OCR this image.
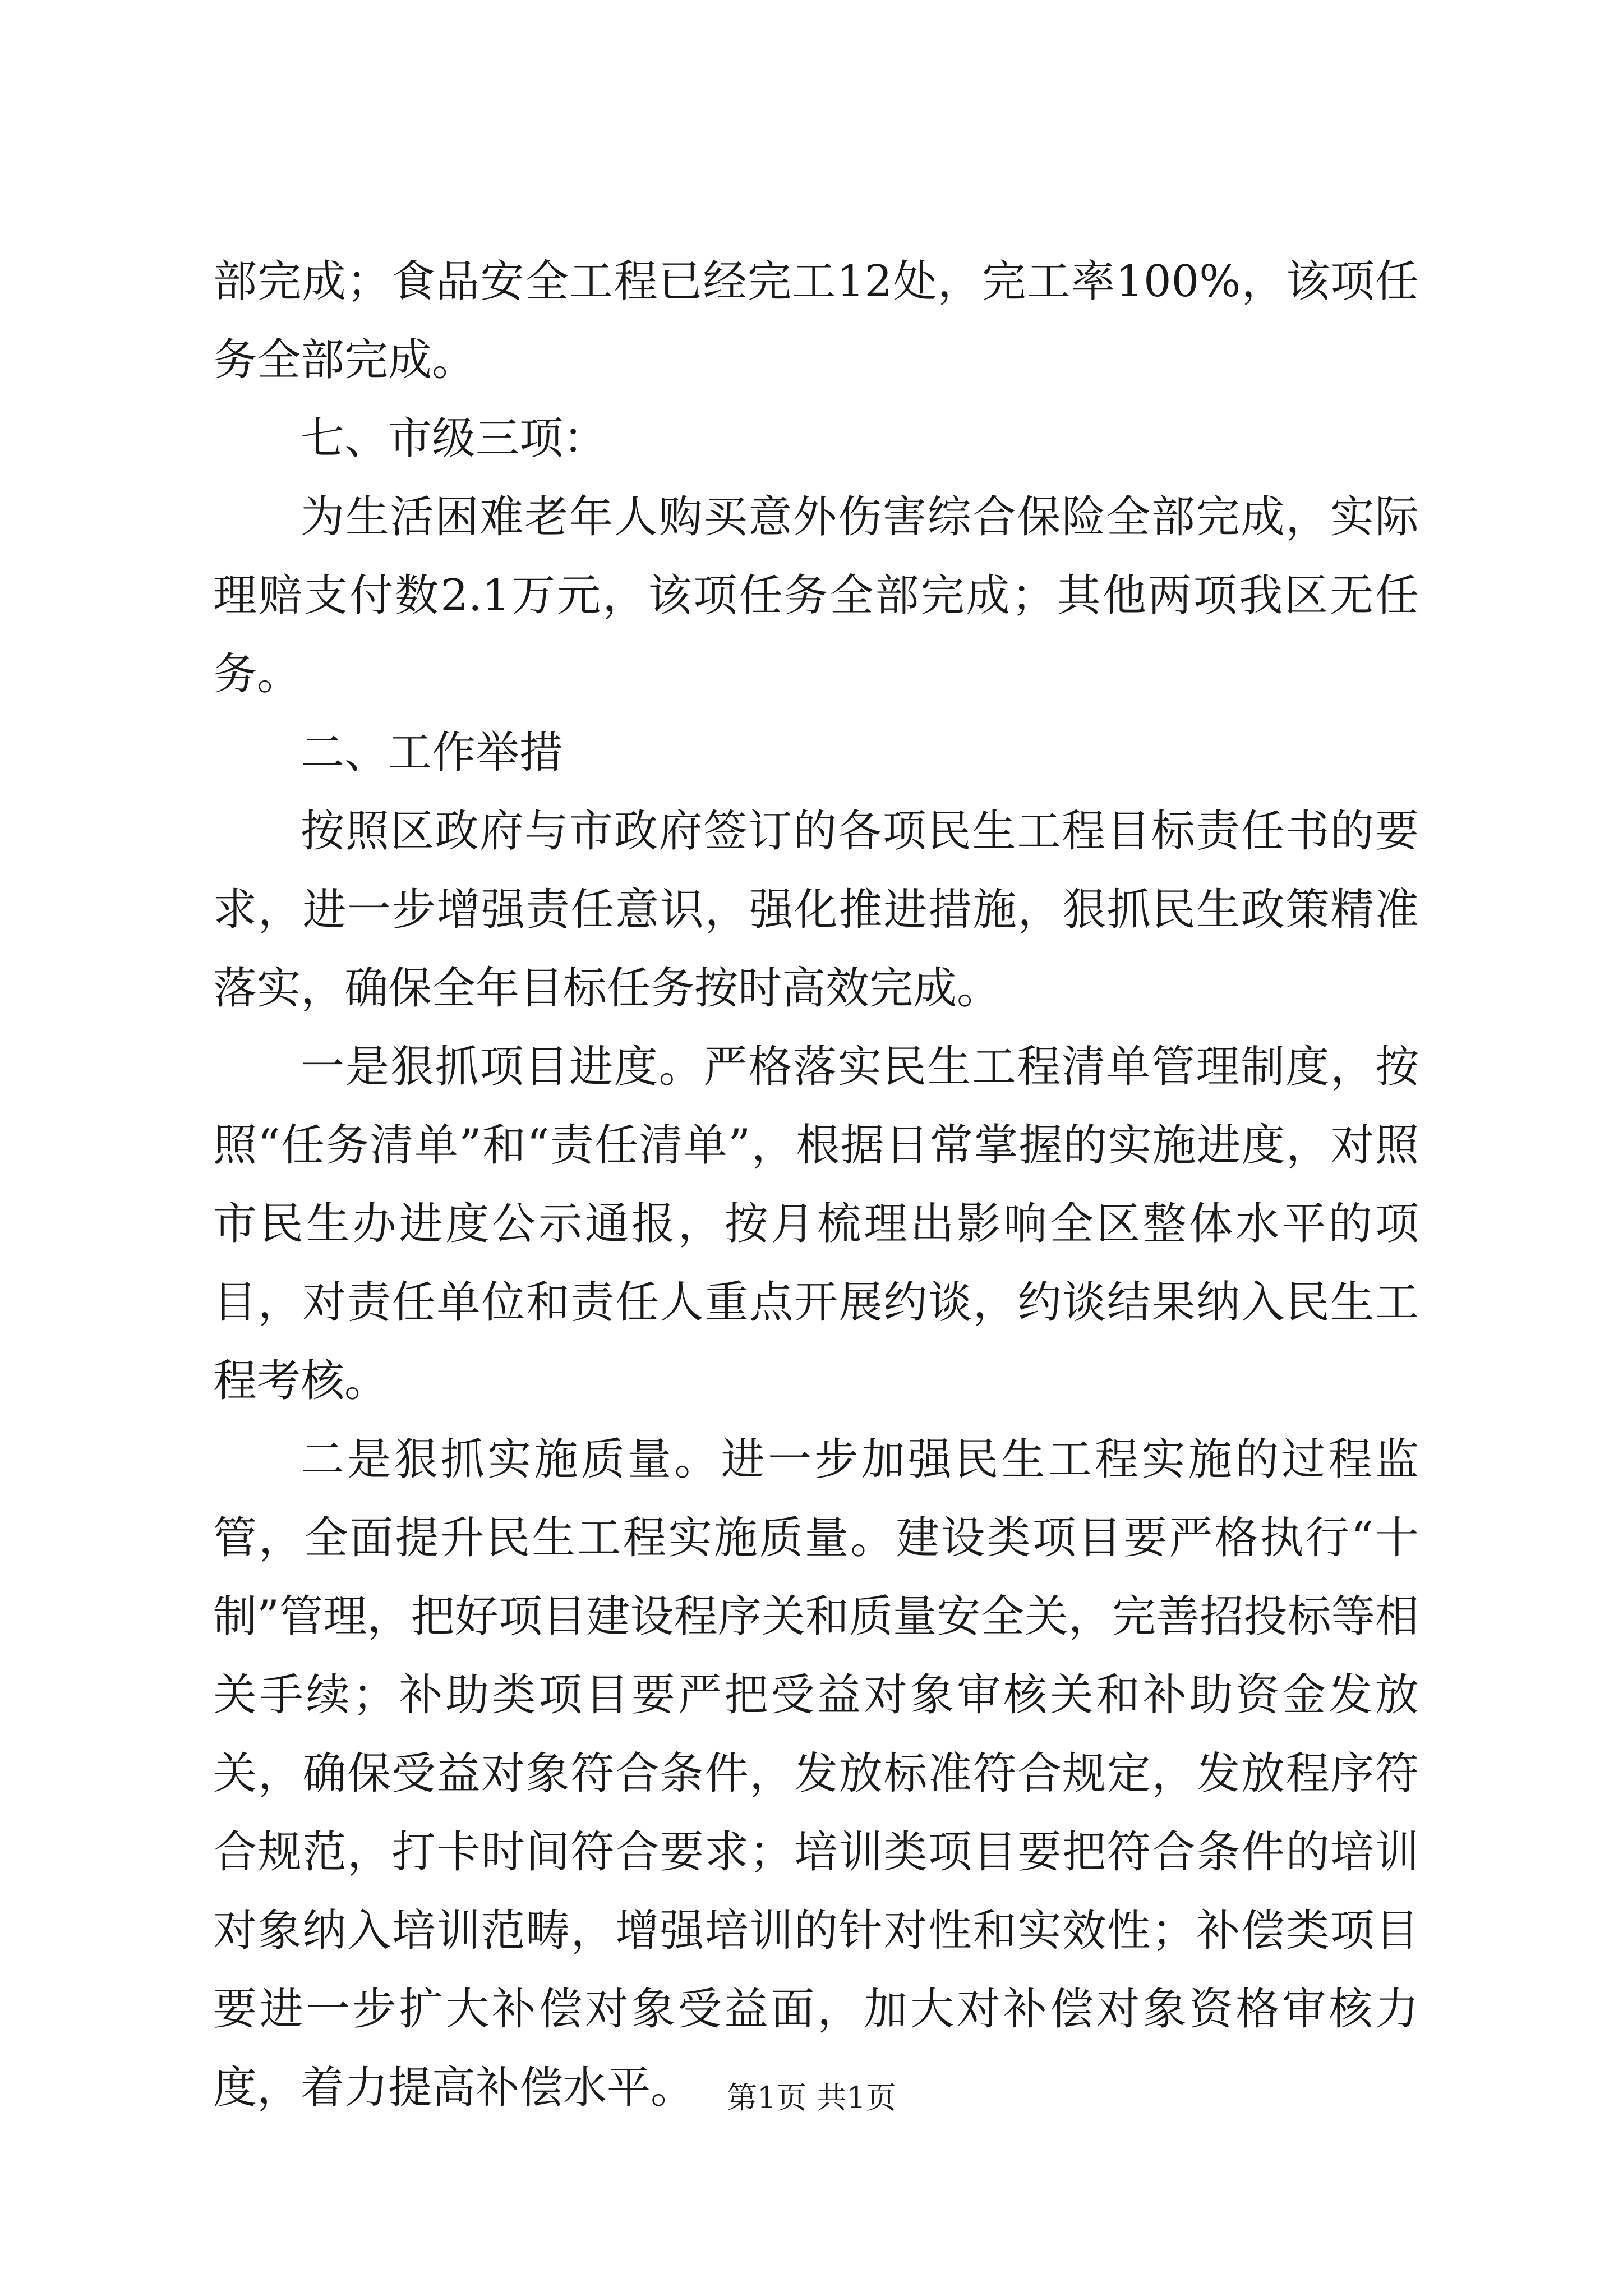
部完成；食品安全工程已经完工12处，完工率100%，该项任务全部完成。

七、市级三项：

为生活困难老年人购买意外伤害综合保险全部完成，实际理赔支付数2.1万元，该项任务全部完成；其他两项我区无任务。

二、工作举措

按照区政府与市政府签订的各项民生工程目标责任书的要求，进一步增强责任意识，强化推进措施，狠抓民生政策精准落实，确保全年目标任务按时高效完成。

一是狠抓项目进度。严格落实民生工程清单管理制度，按照“任务清单”和“责任清单”，根据日常掌握的实施进度，对照市民生办进度公示通报，按月梳理出影响全区整体水平的项目，对责任单位和责任人重点开展约谈，约谈结果纳入民生工程考核。

二是狠抓实施质量。进一步加强民生工程实施的过程监管，全面提升民生工程实施质量。建设类项目要严格执行“十制”管理，把好项目建设程序关和质量安全关，完善招投标等相关手续；补助类项目要严把受益对象审核关和补助资金发放关，确保受益对象符合条件，发放标准符合规定，发放程序符合规范，打卡时间符合要求；培训类项目要把符合条件的培训对象纳入培训范畴，增强培训的针对性和实效性；补偿类项目要进一步扩大补偿对象受益面，加大对补偿对象资格审核力度，着力提高补偿水平。	第1页 共1页
